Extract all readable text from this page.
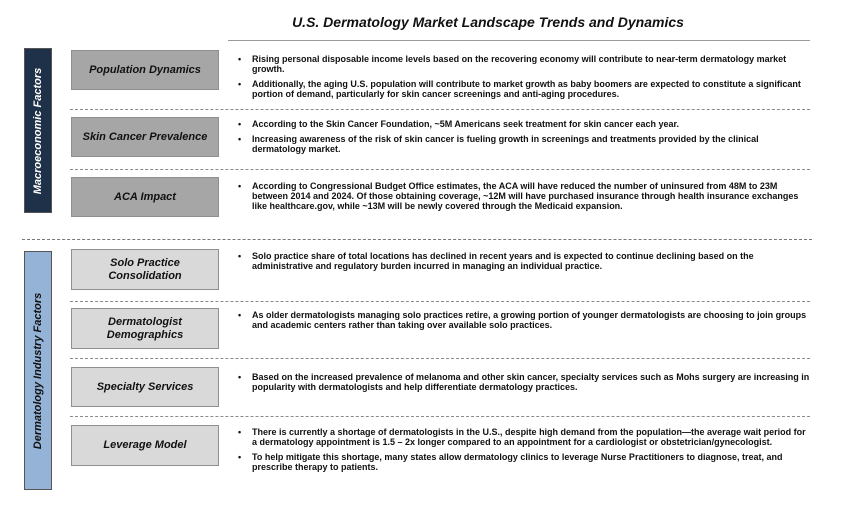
U.S. Dermatology Market Landscape Trends and Dynamics
Macroeconomic Factors
Dermatology Industry Factors
Population Dynamics
• Rising personal disposable income levels based on the recovering economy will contribute to near-term dermatology market growth.
• Additionally, the aging U.S. population will contribute to market growth as baby boomers are expected to constitute a significant portion of demand, particularly for skin cancer screenings and anti-aging procedures.
Skin Cancer Prevalence
• According to the Skin Cancer Foundation, ~5M Americans seek treatment for skin cancer each year.
• Increasing awareness of the risk of skin cancer is fueling growth in screenings and treatments provided by the clinical dermatology market.
ACA Impact
• According to Congressional Budget Office estimates, the ACA will have reduced the number of uninsured from 48M to 23M between 2014 and 2024. Of those obtaining coverage, ~12M will have purchased insurance through health insurance exchanges like healthcare.gov, while ~13M will be newly covered through the Medicaid expansion.
Solo Practice Consolidation
• Solo practice share of total locations has declined in recent years and is expected to continue declining based on the administrative and regulatory burden incurred in managing an individual practice.
Dermatologist Demographics
• As older dermatologists managing solo practices retire, a growing portion of younger dermatologists are choosing to join groups and academic centers rather than taking over available solo practices.
Specialty Services
• Based on the increased prevalence of melanoma and other skin cancer, specialty services such as Mohs surgery are increasing in popularity with dermatologists and help differentiate dermatology practices.
Leverage Model
• There is currently a shortage of dermatologists in the U.S., despite high demand from the population—the average wait period for a dermatology appointment is 1.5 – 2x longer compared to an appointment for a cardiologist or obstetrician/gynecologist.
• To help mitigate this shortage, many states allow dermatology clinics to leverage Nurse Practitioners to diagnose, treat, and prescribe therapy to patients.
